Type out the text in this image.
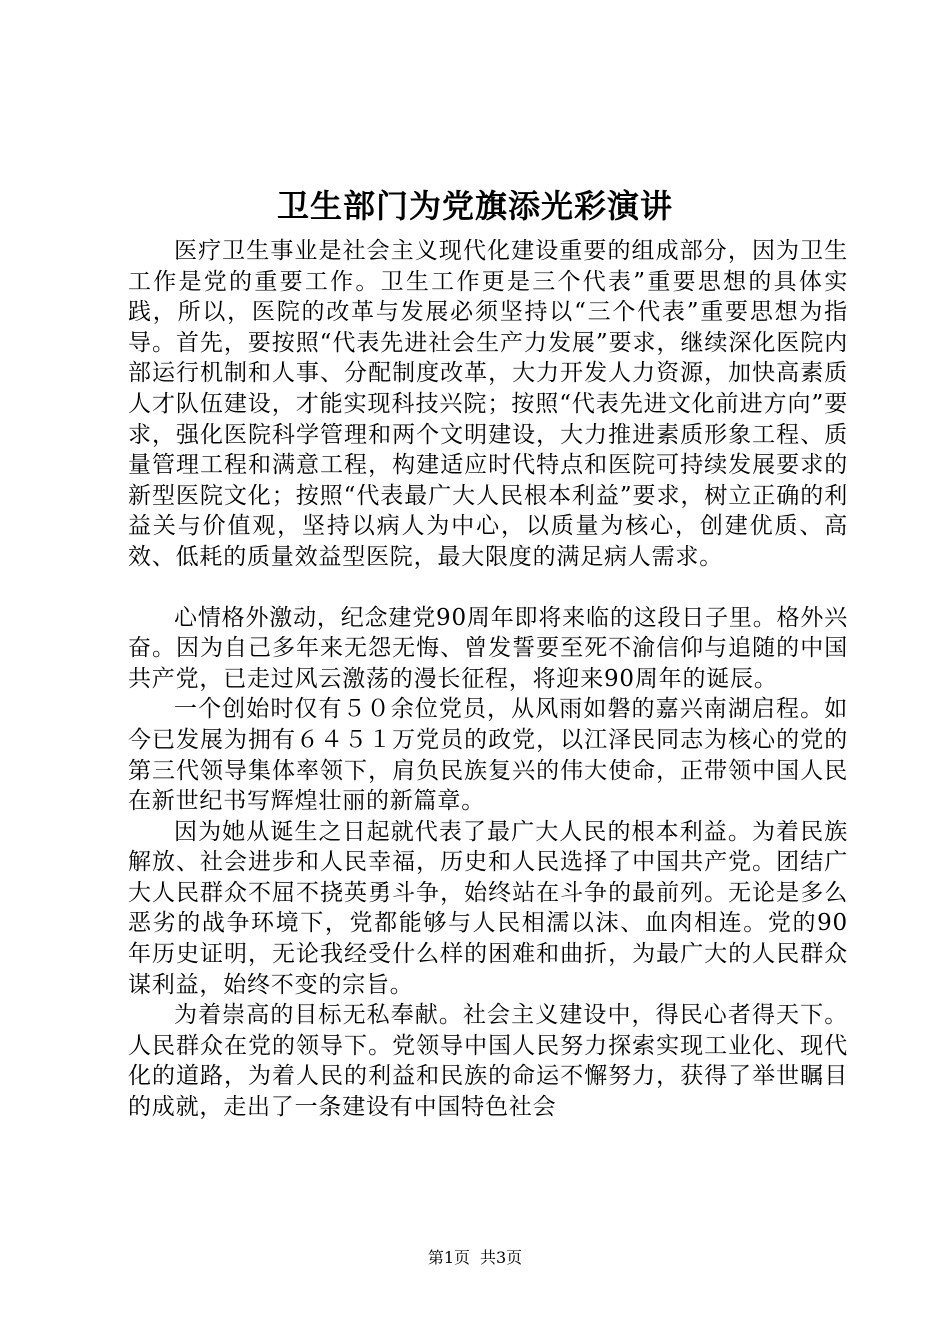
卫生部门为党旗添光彩演讲

医疗卫生事业是社会主义现代化建设重要的组成部分，因为卫生工作是党的重要工作。卫生工作更是三个代表”重要思想的具体实践，所以，医院的改革与发展必须坚持以“三个代表”重要思想为指导。首先，要按照“代表先进社会生产力发展”要求，继续深化医院内部运行机制和人事、分配制度改革，大力开发人力资源，加快高素质人才队伍建设，才能实现科技兴院；按照“代表先进文化前进方向”要求，强化医院科学管理和两个文明建设，大力推进素质形象工程、质量管理工程和满意工程，构建适应时代特点和医院可持续发展要求的新型医院文化；按照“代表最广大人民根本利益”要求，树立正确的利益关与价值观，坚持以病人为中心，以质量为核心，创建优质、高效、低耗的质量效益型医院，最大限度的满足病人需求。

心情格外激动，纪念建党90周年即将来临的这段日子里。格外兴奋。因为自己多年来无怨无悔、曾发誓要至死不渝信仰与追随的中国共产党，已走过风云激荡的漫长征程，将迎来90周年的诞辰。

一个创始时仅有５０余位党员，从风雨如磐的嘉兴南湖启程。如今已发展为拥有６４５１万党员的政党，以江泽民同志为核心的党的第三代领导集体率领下，肩负民族复兴的伟大使命，正带领中国人民在新世纪书写辉煌壮丽的新篇章。

因为她从诞生之日起就代表了最广大人民的根本利益。为着民族解放、社会进步和人民幸福，历史和人民选择了中国共产党。团结广大人民群众不屈不挠英勇斗争，始终站在斗争的最前列。无论是多么恶劣的战争环境下，党都能够与人民相濡以沫、血肉相连。党的90年历史证明，无论我经受什么样的困难和曲折，为最广大的人民群众谋利益，始终不变的宗旨。

为着崇高的目标无私奉献。社会主义建设中，得民心者得天下。人民群众在党的领导下。党领导中国人民努力探索实现工业化、现代化的道路，为着人民的利益和民族的命运不懈努力，获得了举世瞩目的成就，走出了一条建设有中国特色社会

第1页 共3页
